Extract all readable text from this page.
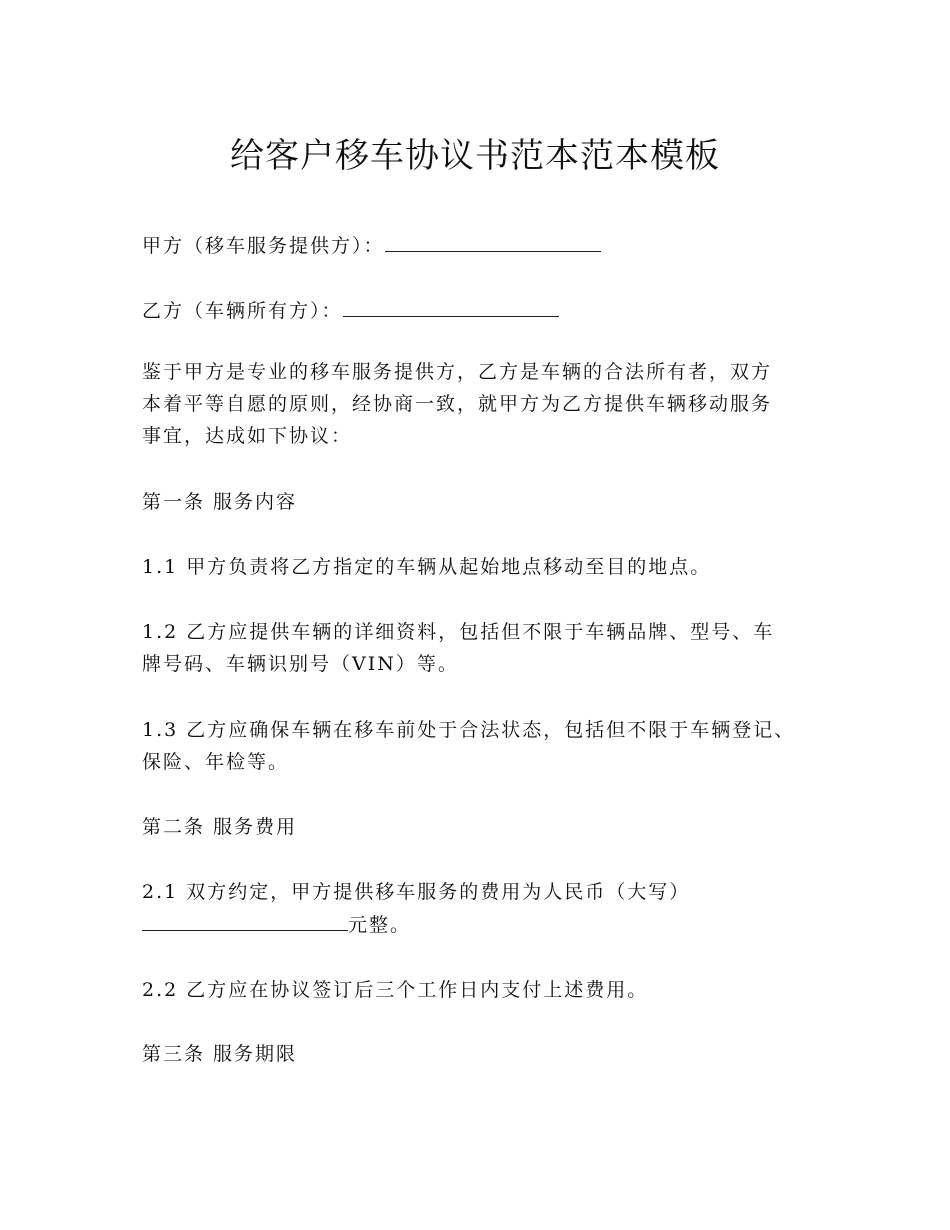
给客户移车协议书范本范本模板
甲方（移车服务提供方）：
乙方（车辆所有方）：
鉴于甲方是专业的移车服务提供方，乙方是车辆的合法所有者，双方
本着平等自愿的原则，经协商一致，就甲方为乙方提供车辆移动服务
事宜，达成如下协议：
第一条 服务内容
1.1 甲方负责将乙方指定的车辆从起始地点移动至目的地点。
1.2 乙方应提供车辆的详细资料，包括但不限于车辆品牌、型号、车
牌号码、车辆识别号（VIN）等。
1.3 乙方应确保车辆在移车前处于合法状态，包括但不限于车辆登记、
保险、年检等。
第二条 服务费用
2.1 双方约定，甲方提供移车服务的费用为人民币（大写）
元整。
2.2 乙方应在协议签订后三个工作日内支付上述费用。
第三条 服务期限
